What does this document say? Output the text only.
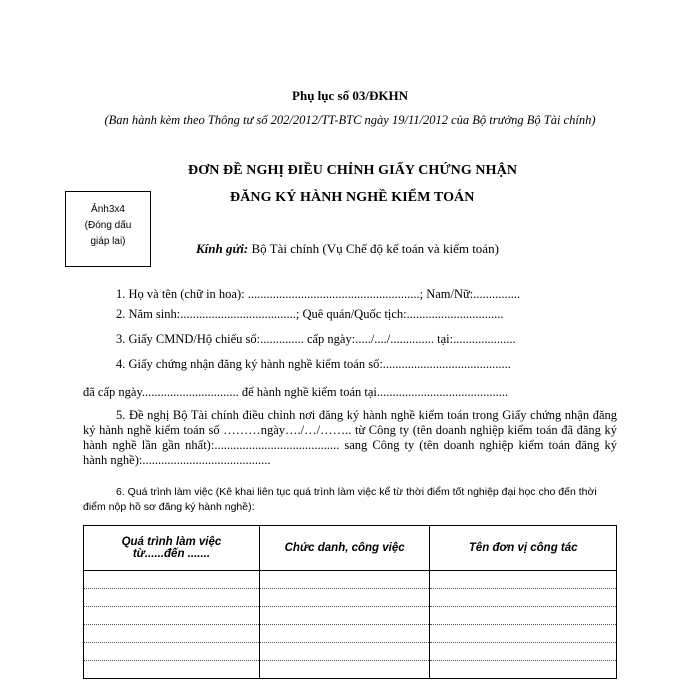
Phụ lục số 03/ĐKHN
(Ban hành kèm theo Thông tư số 202/2012/TT-BTC ngày 19/11/2012 của Bộ trưởng Bộ Tài chính)
ĐƠN ĐỀ NGHỊ ĐIỀU CHỈNH GIẤY CHỨNG NHẬN
ĐĂNG KÝ HÀNH NGHỀ KIỂM TOÁN
Ảnh3x4
(Đóng dấu
giáp lai)	Kính gửi: Bộ Tài chính (Vụ Chế độ kế toán và kiểm toán)
1. Họ và tên (chữ in hoa): .......................................................; Nam/Nữ:...............
2. Năm sinh:.....................................; Quê quán/Quốc tịch:...............................
3. Giấy CMND/Hộ chiếu số:.............. cấp ngày:...../..../.............. tại:....................
4. Giấy chứng nhận đăng ký hành nghề kiểm toán số:.........................................
đã cấp ngày............................... để hành nghề kiểm toán tại..........................................
5. Đề nghị Bộ Tài chính điều chỉnh nơi đăng ký hành nghề kiểm toán trong Giấy chứng nhận đăng ký hành nghề kiểm toán số ………ngày…./…/…….. từ Công ty (tên doanh nghiệp kiểm toán đã đăng ký hành nghề lần gần nhất):........................................ sang Công ty (tên doanh nghiệp kiểm toán đăng ký hành nghề):.........................................
6. Quá trình làm việc (Kê khai liên tục quá trình làm việc kể từ thời điểm tốt nghiệp đại học cho đến thời điểm nộp hồ sơ đăng ký hành nghề):
Quá trình làm việc
từ......đến .......	Chức danh, công việc	Tên đơn vị công tác
